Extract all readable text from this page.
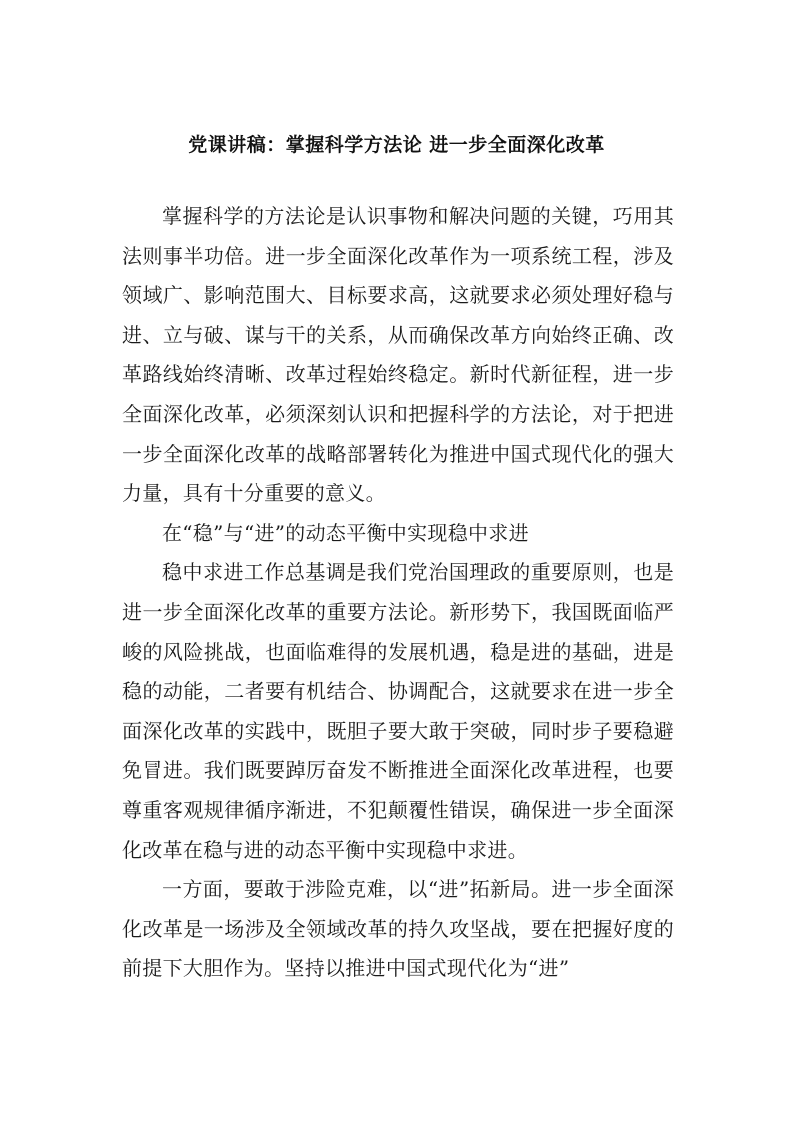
党课讲稿：掌握科学方法论 进一步全面深化改革

掌握科学的方法论是认识事物和解决问题的关键，巧用其法则事半功倍。进一步全面深化改革作为一项系统工程，涉及领域广、影响范围大、目标要求高，这就要求必须处理好稳与进、立与破、谋与干的关系，从而确保改革方向始终正确、改革路线始终清晰、改革过程始终稳定。新时代新征程，进一步全面深化改革，必须深刻认识和把握科学的方法论，对于把进一步全面深化改革的战略部署转化为推进中国式现代化的强大力量，具有十分重要的意义。

在“稳”与“进”的动态平衡中实现稳中求进

稳中求进工作总基调是我们党治国理政的重要原则，也是进一步全面深化改革的重要方法论。新形势下，我国既面临严峻的风险挑战，也面临难得的发展机遇，稳是进的基础，进是稳的动能，二者要有机结合、协调配合，这就要求在进一步全面深化改革的实践中，既胆子要大敢于突破，同时步子要稳避免冒进。我们既要踔厉奋发不断推进全面深化改革进程，也要尊重客观规律循序渐进，不犯颠覆性错误，确保进一步全面深化改革在稳与进的动态平衡中实现稳中求进。

一方面，要敢于涉险克难，以“进”拓新局。进一步全面深化改革是一场涉及全领域改革的持久攻坚战，要在把握好度的前提下大胆作为。坚持以推进中国式现代化为“进”
